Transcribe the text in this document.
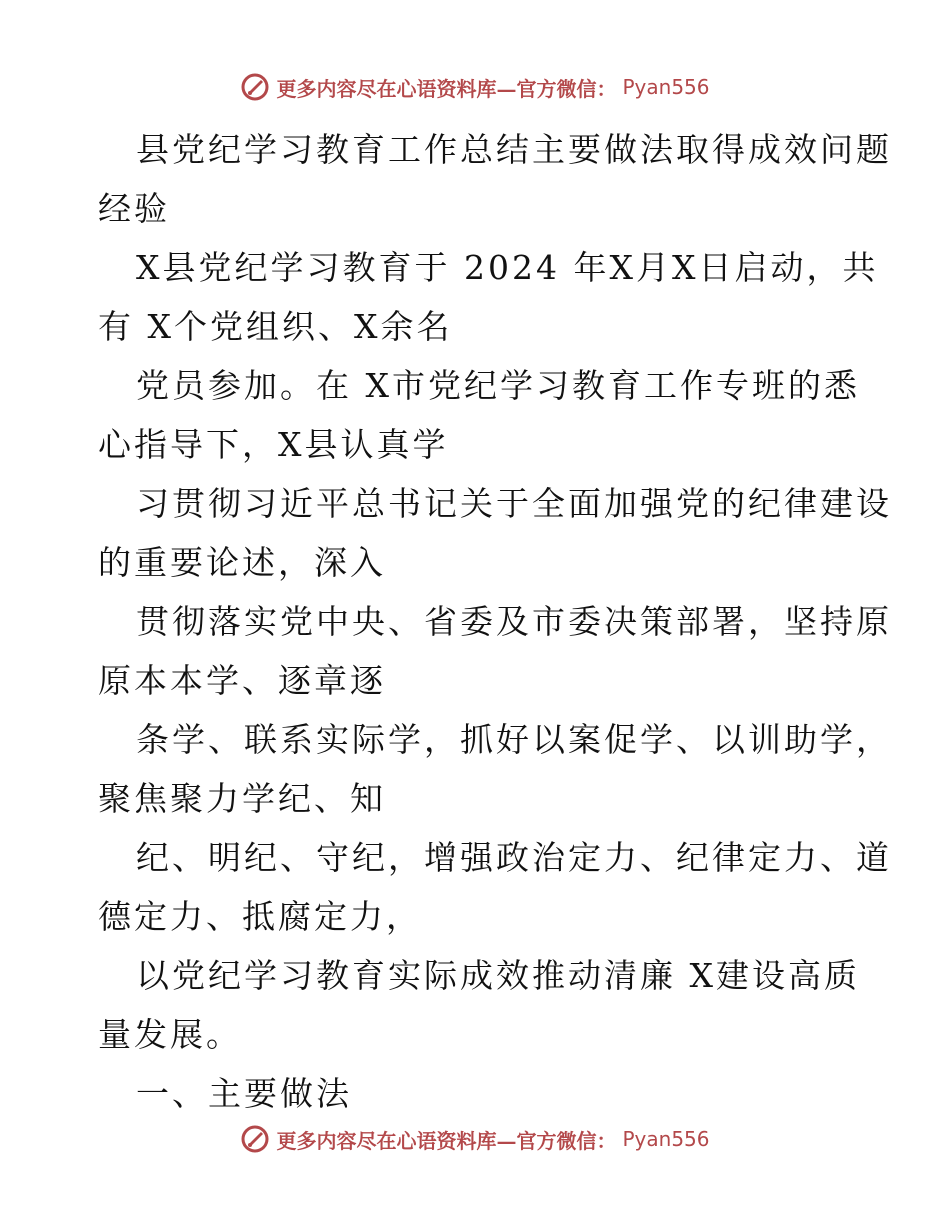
更多内容尽在心语资料库—官方微信： Pyan556
县党纪学习教育工作总结主要做法取得成效问题
经验
X县党纪学习教育于 2024 年X月X日启动，共
有 X个党组织、X余名
党员参加。在 X市党纪学习教育工作专班的悉
心指导下，X县认真学
习贯彻习近平总书记关于全面加强党的纪律建设
的重要论述，深入
贯彻落实党中央、省委及市委决策部署，坚持原
原本本学、逐章逐
条学、联系实际学，抓好以案促学、以训助学，
聚焦聚力学纪、知
纪、明纪、守纪，增强政治定力、纪律定力、道
德定力、抵腐定力，
以党纪学习教育实际成效推动清廉 X建设高质
量发展。
一、主要做法
更多内容尽在心语资料库—官方微信： Pyan556
